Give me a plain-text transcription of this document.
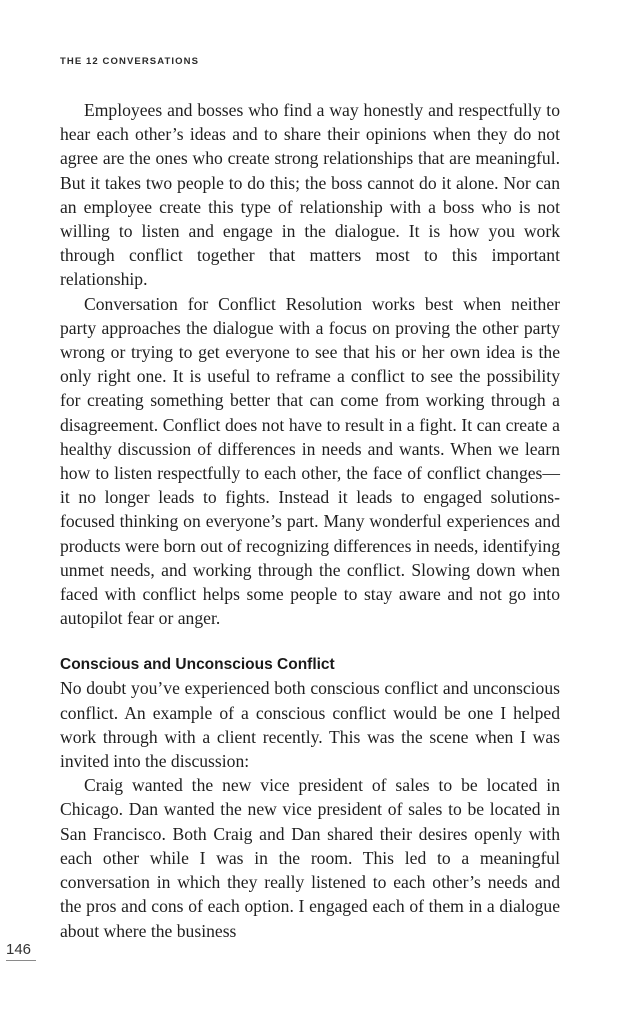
THE 12 CONVERSATIONS

Employees and bosses who find a way honestly and respectfully to hear each other’s ideas and to share their opinions when they do not agree are the ones who create strong relationships that are meaningful. But it takes two people to do this; the boss cannot do it alone. Nor can an employee create this type of relationship with a boss who is not willing to listen and engage in the dialogue. It is how you work through conflict together that matters most to this important relationship.

Conversation for Conflict Resolution works best when neither party approaches the dialogue with a focus on proving the other party wrong or trying to get everyone to see that his or her own idea is the only right one. It is useful to reframe a conflict to see the possibility for creating something better that can come from working through a disagreement. Conflict does not have to result in a fight. It can create a healthy discussion of differences in needs and wants. When we learn how to listen respectfully to each other, the face of conflict changes—it no longer leads to fights. Instead it leads to engaged solutions-focused thinking on everyone’s part. Many wonderful experiences and products were born out of recognizing differences in needs, identifying unmet needs, and working through the conflict. Slowing down when faced with conflict helps some people to stay aware and not go into autopilot fear or anger.

Conscious and Unconscious Conflict

No doubt you’ve experienced both conscious conflict and unconscious conflict. An example of a conscious conflict would be one I helped work through with a client recently. This was the scene when I was invited into the discussion:

Craig wanted the new vice president of sales to be located in Chicago. Dan wanted the new vice president of sales to be located in San Francisco. Both Craig and Dan shared their desires openly with each other while I was in the room. This led to a meaningful conversation in which they really listened to each other’s needs and the pros and cons of each option. I engaged each of them in a dialogue about where the business

146
